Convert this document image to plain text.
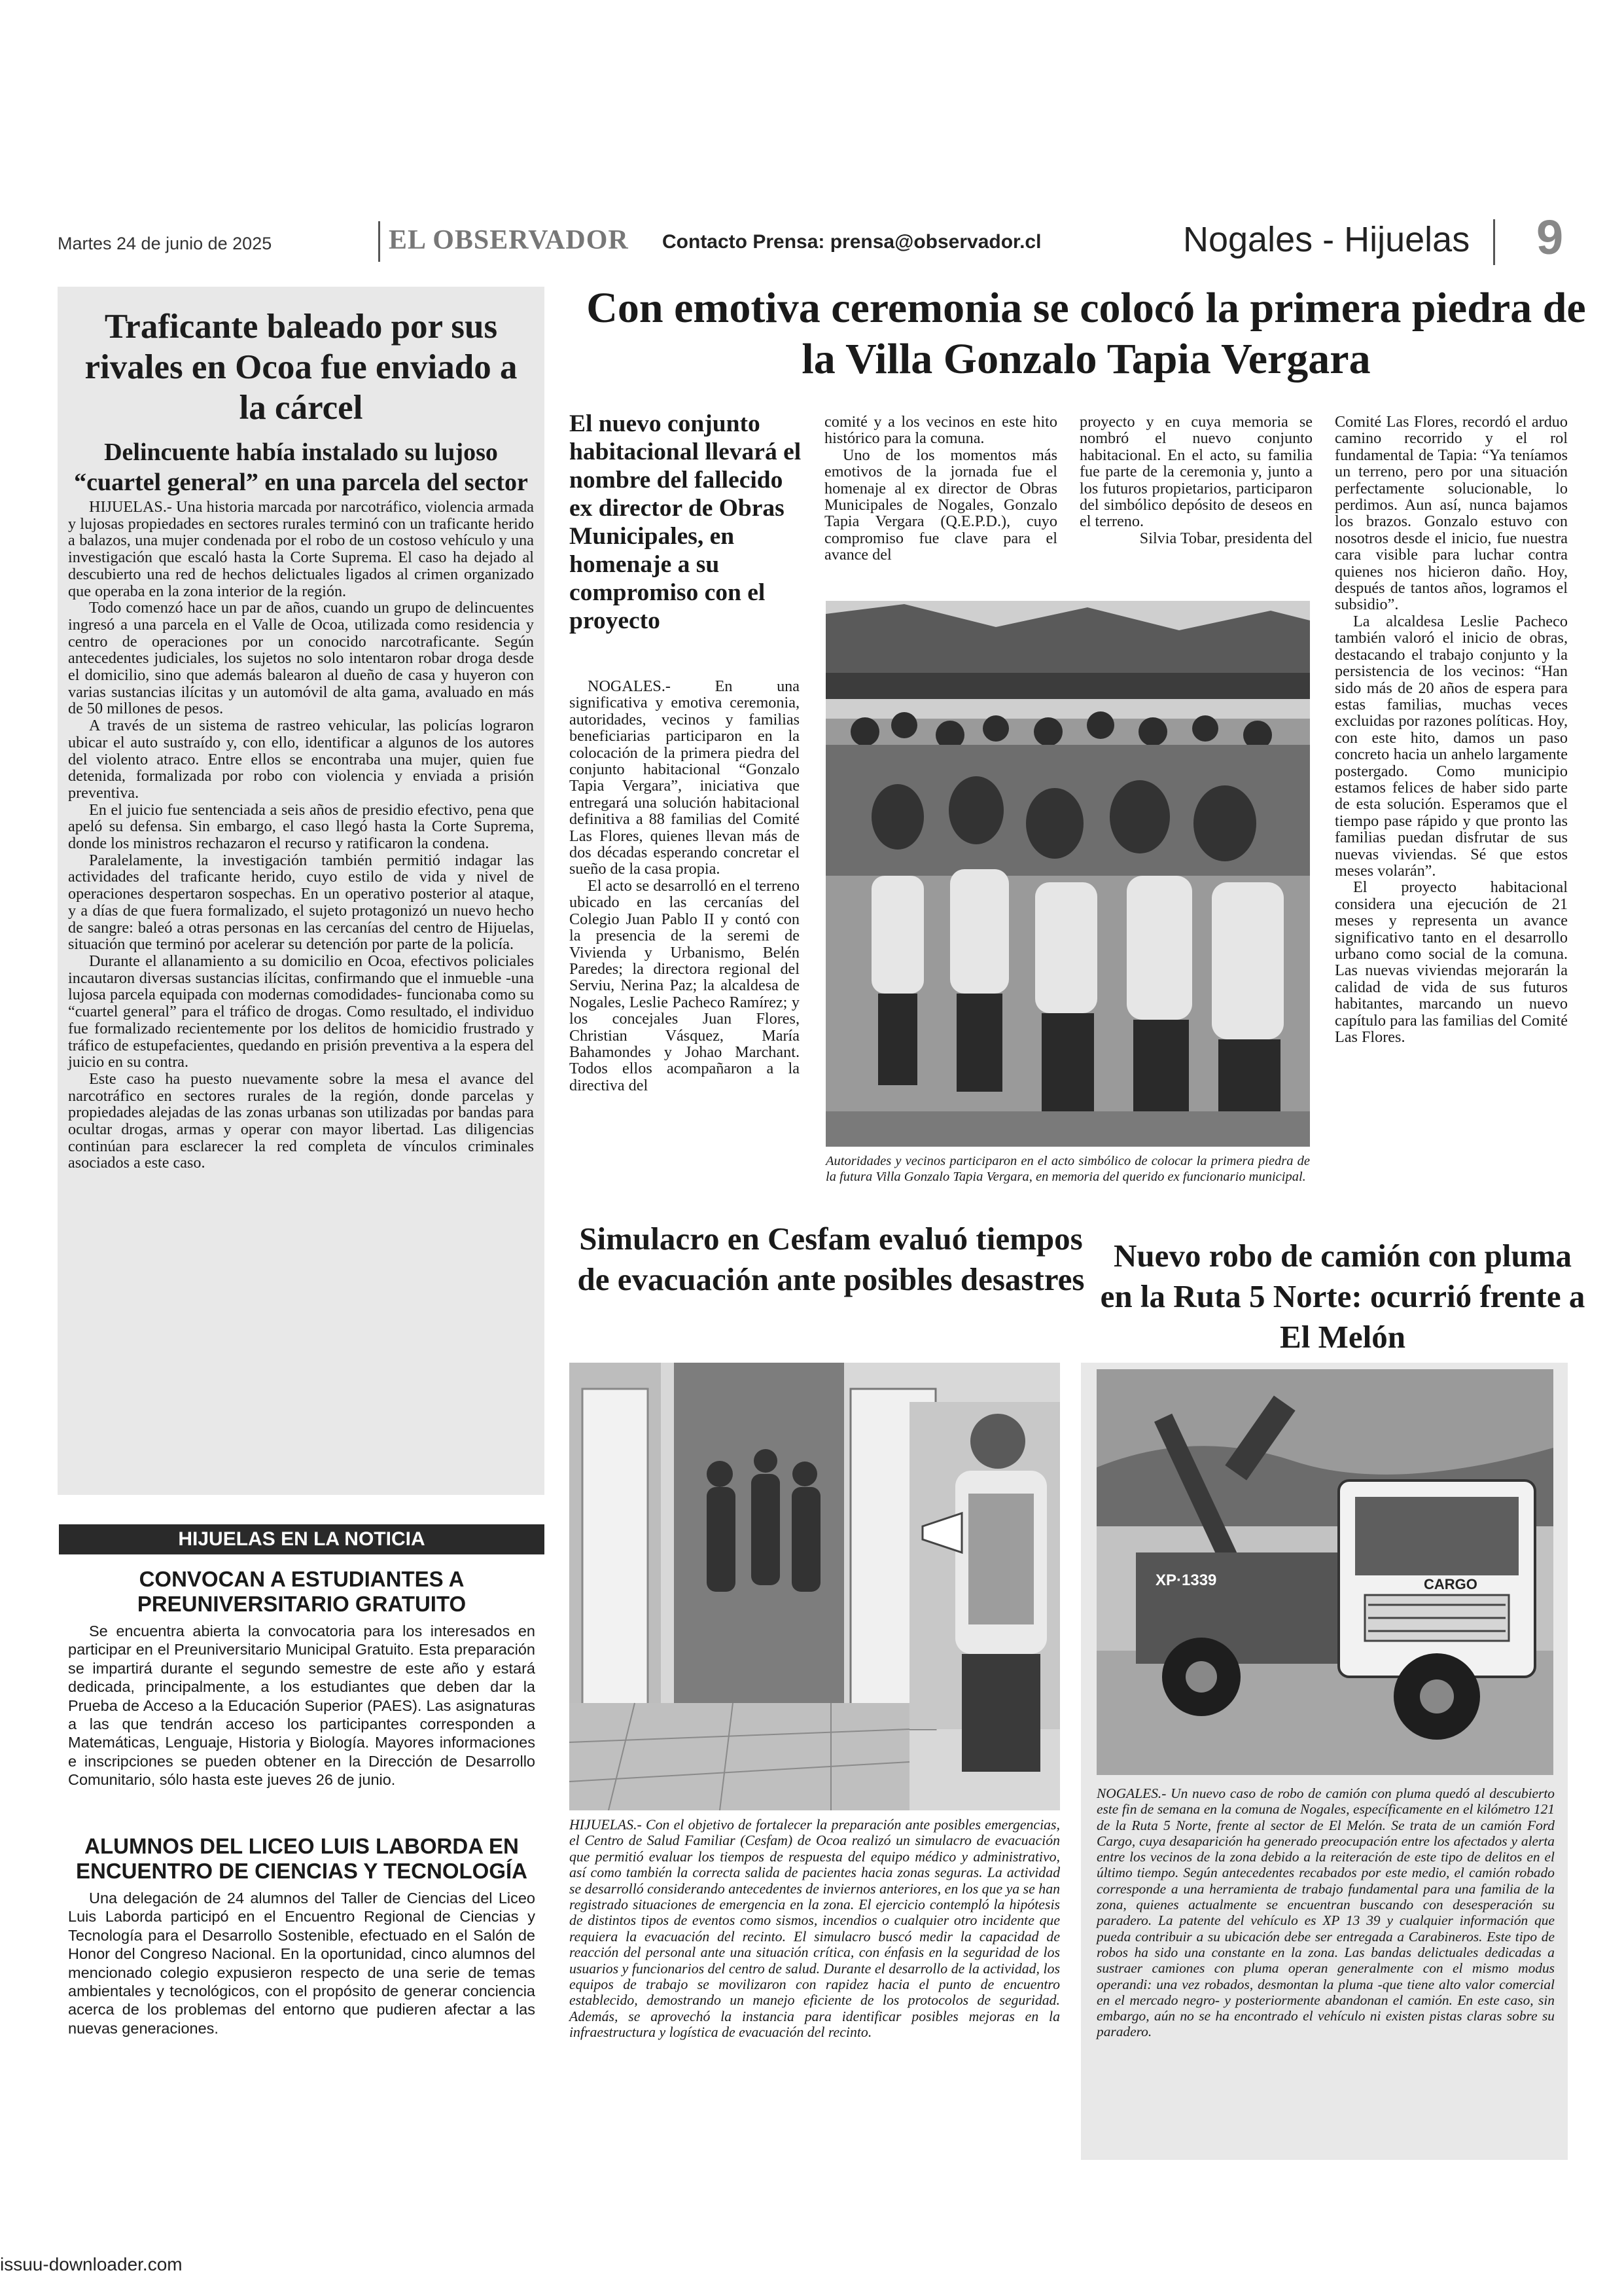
Martes 24 de junio de 2025	EL OBSERVADOR Contacto Prensa: prensa@observador.cl	Nogales - Hijuelas 9
Traficante baleado por sus rivales en Ocoa fue enviado a la cárcel
Delincuente había instalado su lujoso “cuartel general” en una parcela del sector

HIJUELAS.- Una historia marcada por narcotráfico, violencia armada y lujosas propiedades en sectores rurales terminó con un traficante herido a balazos, una mujer condenada por el robo de un costoso vehículo y una investigación que escaló hasta la Corte Suprema. El caso ha dejado al descubierto una red de hechos delictuales ligados al crimen organizado que operaba en la zona interior de la región.

Todo comenzó hace un par de años, cuando un grupo de delincuentes ingresó a una parcela en el Valle de Ocoa, utilizada como residencia y centro de operaciones por un conocido narcotraficante. Según antecedentes judiciales, los sujetos no solo intentaron robar droga desde el domicilio, sino que además balearon al dueño de casa y huyeron con varias sustancias ilícitas y un automóvil de alta gama, avaluado en más de 50 millones de pesos.

A través de un sistema de rastreo vehicular, las policías lograron ubicar el auto sustraído y, con ello, identificar a algunos de los autores del violento atraco. Entre ellos se encontraba una mujer, quien fue detenida, formalizada por robo con violencia y enviada a prisión preventiva.

En el juicio fue sentenciada a seis años de presidio efectivo, pena que apeló su defensa. Sin embargo, el caso llegó hasta la Corte Suprema, donde los ministros rechazaron el recurso y ratificaron la condena.

Paralelamente, la investigación también permitió indagar las actividades del traficante herido, cuyo estilo de vida y nivel de operaciones despertaron sospechas. En un operativo posterior al ataque, y a días de que fuera formalizado, el sujeto protagonizó un nuevo hecho de sangre: baleó a otras personas en las cercanías del centro de Hijuelas, situación que terminó por acelerar su detención por parte de la policía.

Durante el allanamiento a su domicilio en Ocoa, efectivos policiales incautaron diversas sustancias ilícitas, confirmando que el inmueble -una lujosa parcela equipada con modernas comodidades- funcionaba como su “cuartel general” para el tráfico de drogas. Como resultado, el individuo fue formalizado recientemente por los delitos de homicidio frustrado y tráfico de estupefacientes, quedando en prisión preventiva a la espera del juicio en su contra.

Este caso ha puesto nuevamente sobre la mesa el avance del narcotráfico en sectores rurales de la región, donde parcelas y propiedades alejadas de las zonas urbanas son utilizadas por bandas para ocultar drogas, armas y operar con mayor libertad. Las diligencias continúan para esclarecer la red completa de vínculos criminales asociados a este caso.

HIJUELAS EN LA NOTICIA
CONVOCAN A ESTUDIANTES A PREUNIVERSITARIO GRATUITO

Se encuentra abierta la convocatoria para los interesados en participar en el Preuniversitario Municipal Gratuito. Esta preparación se impartirá durante el segundo semestre de este año y estará dedicada, principalmente, a los estudiantes que deben dar la Prueba de Acceso a la Educación Superior (PAES). Las asignaturas a las que tendrán acceso los participantes corresponden a Matemáticas, Lenguaje, Historia y Biología. Mayores informaciones e inscripciones se pueden obtener en la Dirección de Desarrollo Comunitario, sólo hasta este jueves 26 de junio.

ALUMNOS DEL LICEO LUIS LABORDA EN ENCUENTRO DE CIENCIAS Y TECNOLOGÍA

Una delegación de 24 alumnos del Taller de Ciencias del Liceo Luis Laborda participó en el Encuentro Regional de Ciencias y Tecnología para el Desarrollo Sostenible, efectuado en el Salón de Honor del Congreso Nacional. En la oportunidad, cinco alumnos del mencionado colegio expusieron respecto de una serie de temas ambientales y tecnológicos, con el propósito de generar conciencia acerca de los problemas del entorno que pudieren afectar a las nuevas generaciones.

Con emotiva ceremonia se colocó la primera piedra de la Villa Gonzalo Tapia Vergara
El nuevo conjunto habitacional llevará el nombre del fallecido ex director de Obras Municipales, en homenaje a su compromiso con el proyecto

NOGALES.- En una significativa y emotiva ceremonia, autoridades, vecinos y familias beneficiarias participaron en la colocación de la primera piedra del conjunto habitacional “Gonzalo Tapia Vergara”, iniciativa que entregará una solución habitacional definitiva a 88 familias del Comité Las Flores, quienes llevan más de dos décadas esperando concretar el sueño de la casa propia.

El acto se desarrolló en el terreno ubicado en las cercanías del Colegio Juan Pablo II y contó con la presencia de la seremi de Vivienda y Urbanismo, Belén Paredes; la directora regional del Serviu, Nerina Paz; la alcaldesa de Nogales, Leslie Pacheco Ramírez; y los concejales Juan Flores, Christian Vásquez, María Bahamondes y Johao Marchant. Todos ellos acompañaron a la directiva del

comité y a los vecinos en este hito histórico para la comuna.

Uno de los momentos más emotivos de la jornada fue el homenaje al ex director de Obras Municipales de Nogales, Gonzalo Tapia Vergara (Q.E.P.D.), cuyo compromiso fue clave para el avance del

proyecto y en cuya memoria se nombró el nuevo conjunto habitacional. En el acto, su familia fue parte de la ceremonia y, junto a los futuros propietarios, participaron del simbólico depósito de deseos en el terreno.

Silvia Tobar, presidenta del

Comité Las Flores, recordó el arduo camino recorrido y el rol fundamental de Tapia: “Ya teníamos un terreno, pero por una situación perfectamente solucionable, lo perdimos. Aun así, nunca bajamos los brazos. Gonzalo estuvo con nosotros desde el inicio, fue nuestra cara visible para luchar contra quienes nos hicieron daño. Hoy, después de tantos años, logramos el subsidio”.

La alcaldesa Leslie Pacheco también valoró el inicio de obras, destacando el trabajo conjunto y la persistencia de los vecinos: “Han sido más de 20 años de espera para estas familias, muchas veces excluidas por razones políticas. Hoy, con este hito, damos un paso concreto hacia un anhelo largamente postergado. Como municipio estamos felices de haber sido parte de esta solución. Esperamos que el tiempo pase rápido y que pronto las familias puedan disfrutar de sus nuevas viviendas. Sé que estos meses volarán”.

El proyecto habitacional considera una ejecución de 21 meses y representa un avance significativo tanto en el desarrollo urbano como social de la comuna. Las nuevas viviendas mejorarán la calidad de vida de sus futuros habitantes, marcando un nuevo capítulo para las familias del Comité Las Flores.

Autoridades y vecinos participaron en el acto simbólico de colocar la primera piedra de la futura Villa Gonzalo Tapia Vergara, en memoria del querido ex funcionario municipal.
Simulacro en Cesfam evaluó tiempos de evacuación ante posibles desastres

HIJUELAS.- Con el objetivo de fortalecer la preparación ante posibles emergencias, el Centro de Salud Familiar (Cesfam) de Ocoa realizó un simulacro de evacuación que permitió evaluar los tiempos de respuesta del equipo médico y administrativo, así como también la correcta salida de pacientes hacia zonas seguras. La actividad se desarrolló considerando antecedentes de inviernos anteriores, en los que ya se han registrado situaciones de emergencia en la zona. El ejercicio contempló la hipótesis de distintos tipos de eventos como sismos, incendios o cualquier otro incidente que requiera la evacuación del recinto. El simulacro buscó medir la capacidad de reacción del personal ante una situación crítica, con énfasis en la seguridad de los usuarios y funcionarios del centro de salud. Durante el desarrollo de la actividad, los equipos de trabajo se movilizaron con rapidez hacia el punto de encuentro establecido, demostrando un manejo eficiente de los protocolos de seguridad. Además, se aprovechó la instancia para identificar posibles mejoras en la infraestructura y logística de evacuación del recinto.

Nuevo robo de camión con pluma en la Ruta 5 Norte: ocurrió frente a El Melón
CARGO
XP·1339

NOGALES.- Un nuevo caso de robo de camión con pluma quedó al descubierto este fin de semana en la comuna de Nogales, específicamente en el kilómetro 121 de la Ruta 5 Norte, frente al sector de El Melón. Se trata de un camión Ford Cargo, cuya desaparición ha generado preocupación entre los afectados y alerta entre los vecinos de la zona debido a la reiteración de este tipo de delitos en el último tiempo. Según antecedentes recabados por este medio, el camión robado corresponde a una herramienta de trabajo fundamental para una familia de la zona, quienes actualmente se encuentran buscando con desesperación su paradero. La patente del vehículo es XP 13 39 y cualquier información que pueda contribuir a su ubicación debe ser entregada a Carabineros. Este tipo de robos ha sido una constante en la zona. Las bandas delictuales dedicadas a sustraer camiones con pluma operan generalmente con el mismo modus operandi: una vez robados, desmontan la pluma -que tiene alto valor comercial en el mercado negro- y posteriormente abandonan el camión. En este caso, sin embargo, aún no se ha encontrado el vehículo ni existen pistas claras sobre su paradero.

issuu-downloader.com
